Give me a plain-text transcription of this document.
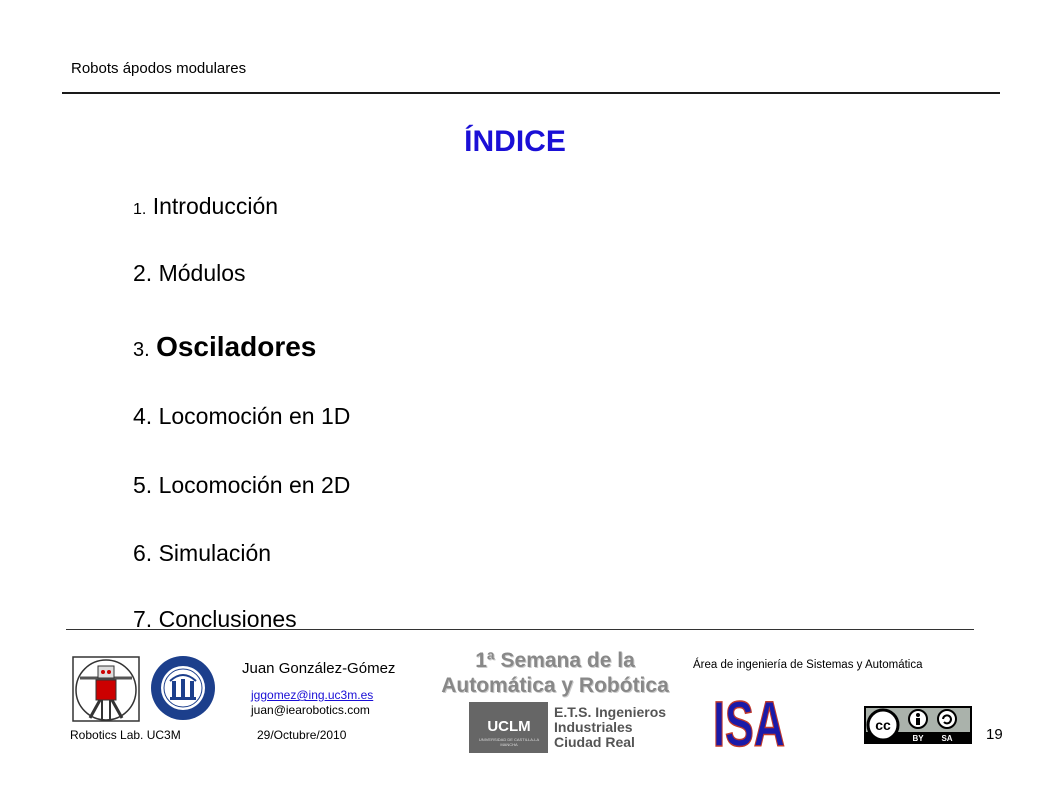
Robots ápodos modulares
ÍNDICE
1. Introducción
2. Módulos
3. Osciladores
4. Locomoción en 1D
5. Locomoción en 2D
6. Simulación
7. Conclusiones
Juan González-Gómez
jggomez@ing.uc3m.es
juan@iearobotics.com
Robotics Lab. UC3M	29/Octubre/2010
1ª Semana de la
Automática y Robótica
UCLM
UNIVERSIDAD DE CASTILLA-LA MANCHA
E.T.S. Ingenieros
Industriales
Ciudad Real
Área de ingeniería de Sistemas y Automática
ISA	cc
BY SA 19
